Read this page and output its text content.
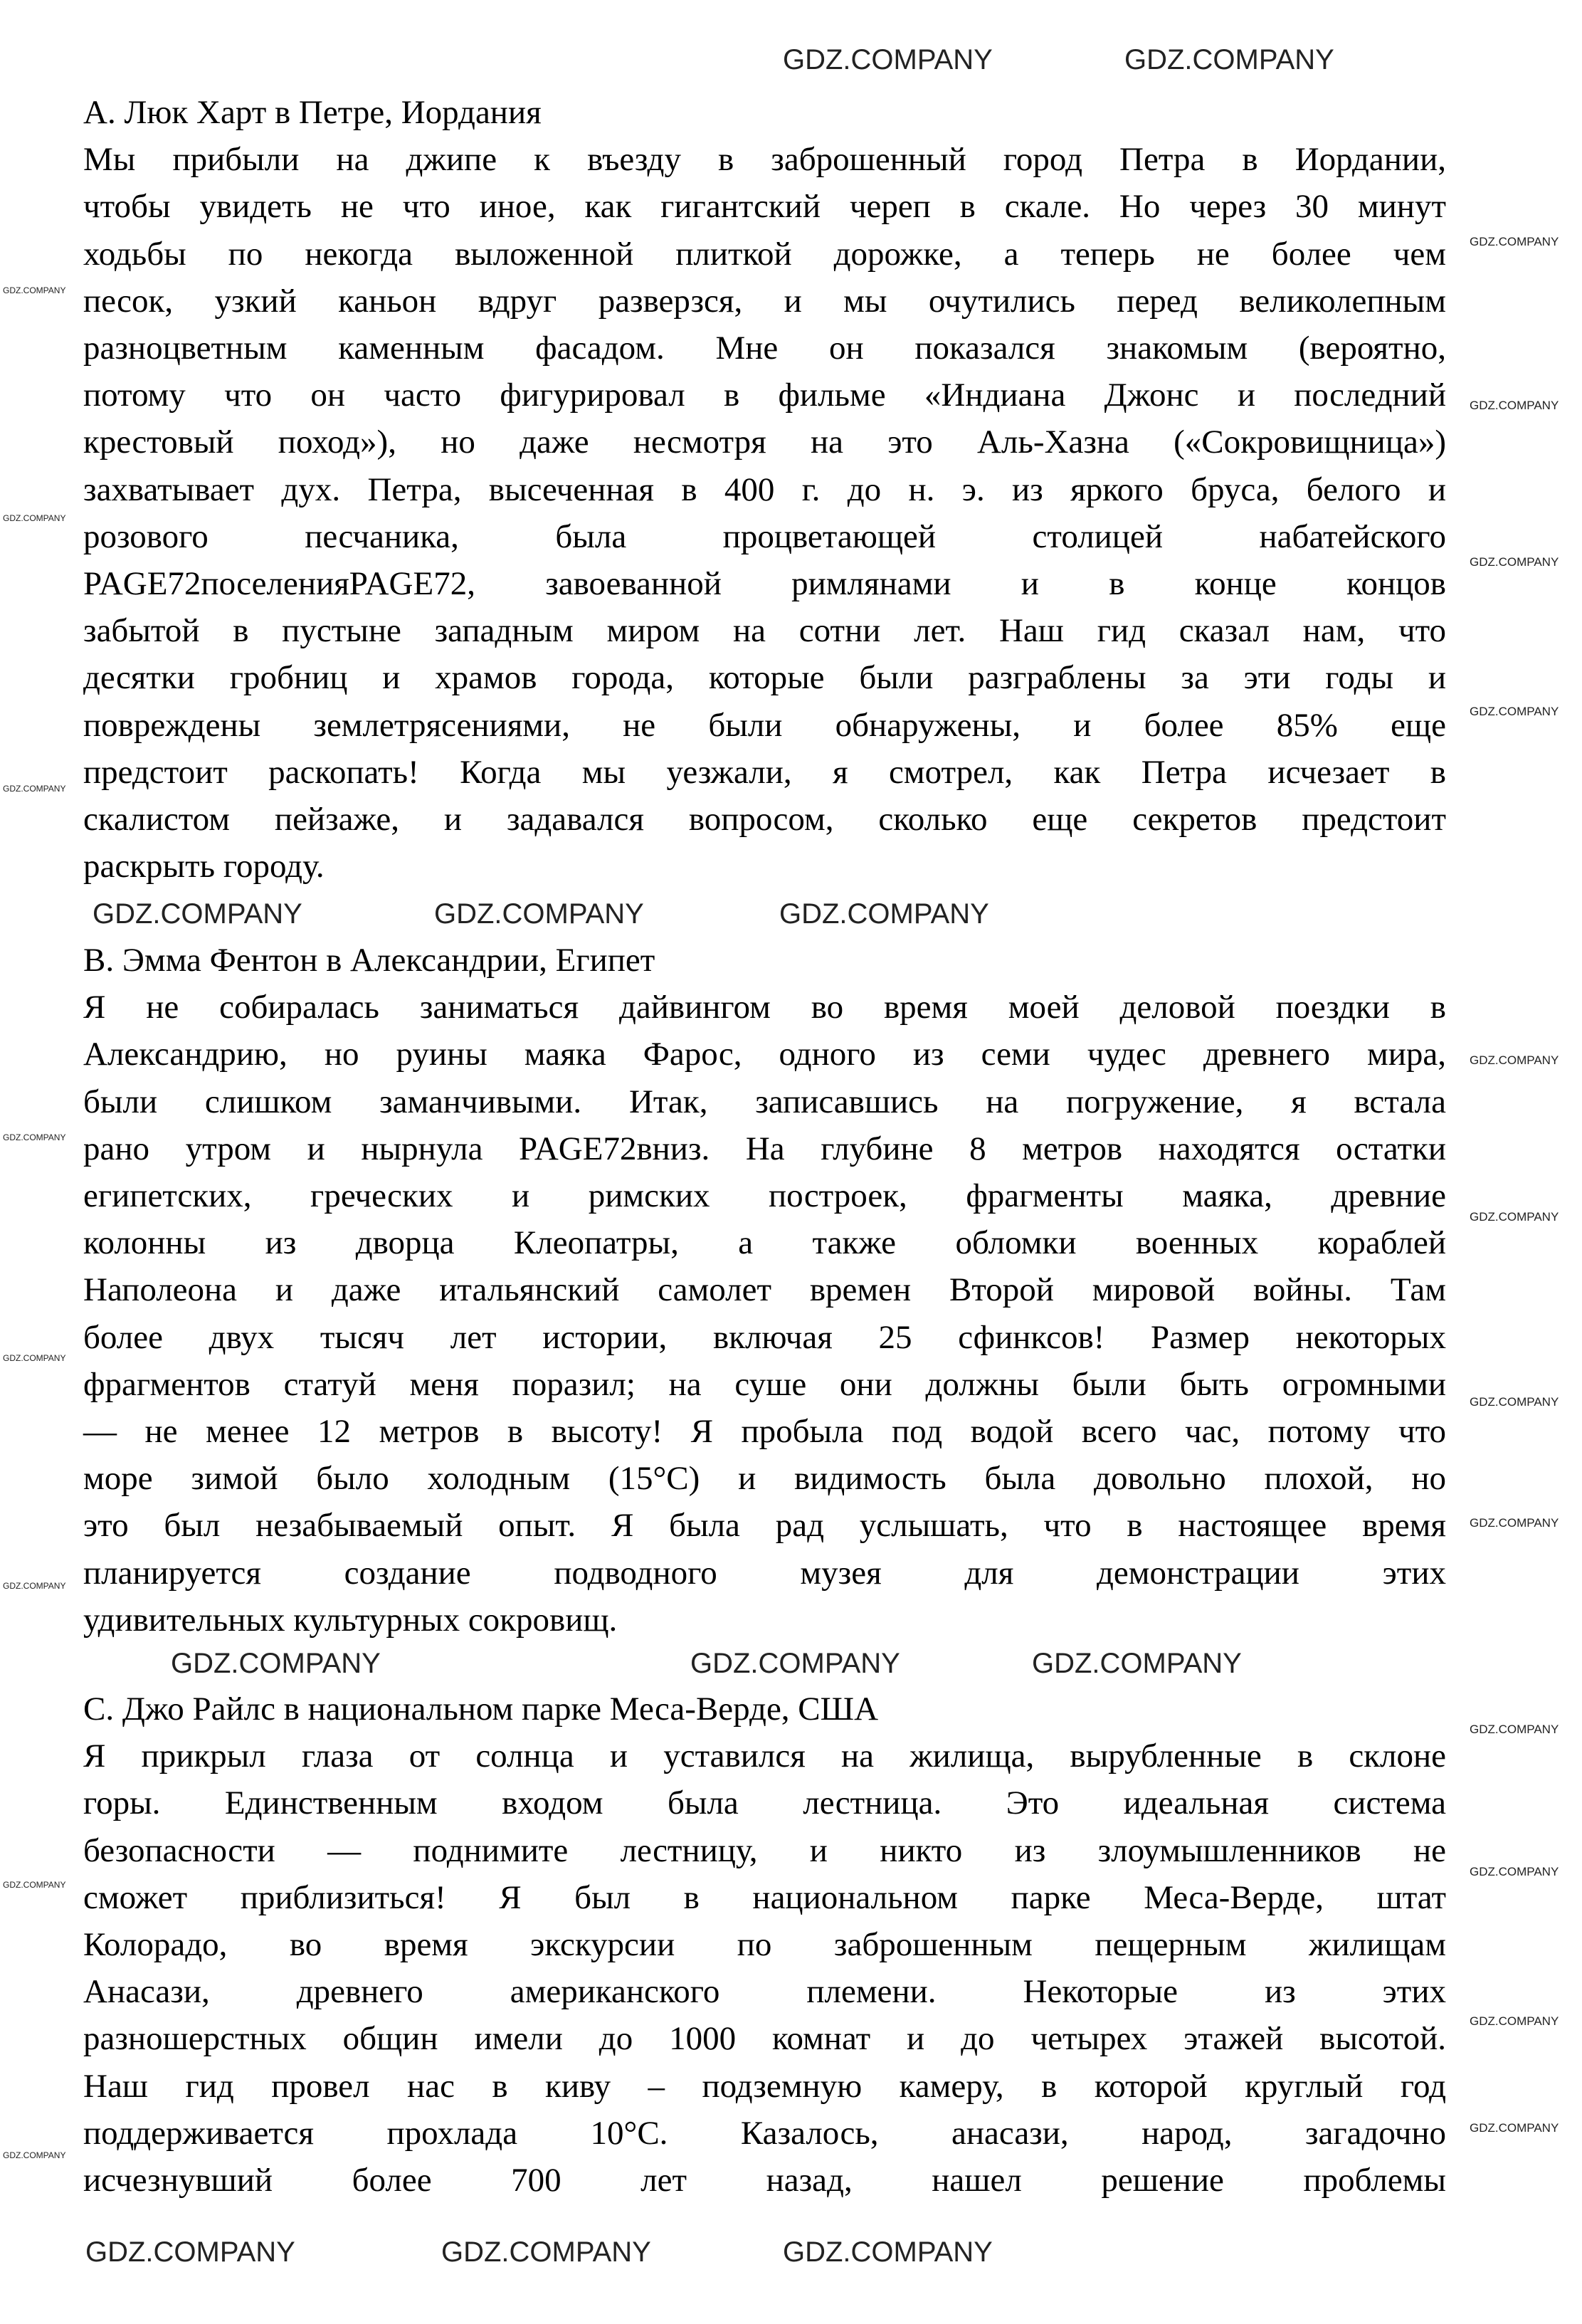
A. Люк Харт в Петре, Иордания
Мы прибыли на джипе к въезду в заброшенный город Петра в Иордании,
чтобы увидеть не что иное, как гигантский череп в скале. Но через 30 минут
ходьбы по некогда выложенной плиткой дорожке, а теперь не более чем
песок, узкий каньон вдруг разверзся, и мы очутились перед великолепным
разноцветным каменным фасадом. Мне он показался знакомым (вероятно,
потому что он часто фигурировал в фильме «Индиана Джонс и последний
крестовый поход»), но даже несмотря на это Аль-Хазна («Сокровищница»)
захватывает дух. Петра, высеченная в 400 г. до н. э. из яркого бруса, белого и
розового песчаника, была процветающей столицей набатейского
PAGE72поселенияPAGE72, завоеванной римлянами и в конце концов
забытой в пустыне западным миром на сотни лет. Наш гид сказал нам, что
десятки гробниц и храмов города, которые были разграблены за эти годы и
повреждены землетрясениями, не были обнаружены, и более 85% еще
предстоит раскопать! Когда мы уезжали, я смотрел, как Петра исчезает в
скалистом пейзаже, и задавался вопросом, сколько еще секретов предстоит
раскрыть городу.
B. Эмма Фентон в Александрии, Египет
Я не собиралась заниматься дайвингом во время моей деловой поездки в
Александрию, но руины маяка Фарос, одного из семи чудес древнего мира,
были слишком заманчивыми. Итак, записавшись на погружение, я встала
рано утром и нырнула PAGE72вниз. На глубине 8 метров находятся остатки
египетских, греческих и римских построек, фрагменты маяка, древние
колонны из дворца Клеопатры, а также обломки военных кораблей
Наполеона и даже итальянский самолет времен Второй мировой войны. Там
более двух тысяч лет истории, включая 25 сфинксов! Размер некоторых
фрагментов статуй меня поразил; на суше они должны были быть огромными
— не менее 12 метров в высоту! Я пробыла под водой всего час, потому что
море зимой было холодным (15°C) и видимость была довольно плохой, но
это был незабываемый опыт. Я была рад услышать, что в настоящее время
планируется создание подводного музея для демонстрации этих
удивительных культурных сокровищ.
C. Джо Райлс в национальном парке Меса-Верде, США
Я прикрыл глаза от солнца и уставился на жилища, вырубленные в склоне
горы. Единственным входом была лестница. Это идеальная система
безопасности — поднимите лестницу, и никто из злоумышленников не
сможет приблизиться! Я был в национальном парке Меса-Верде, штат
Колорадо, во время экскурсии по заброшенным пещерным жилищам
Анасази, древнего американского племени. Некоторые из этих
разношерстных общин имели до 1000 комнат и до четырех этажей высотой.
Наш гид провел нас в киву – подземную камеру, в которой круглый год
поддерживается прохлада 10°C. Казалось, анасази, народ, загадочно
исчезнувший более 700 лет назад, нашел решение проблемы
GDZ.COMPANY	GDZ.COMPANY
GDZ.COMPANY	GDZ.COMPANY	GDZ.COMPANY
GDZ.COMPANY	GDZ.COMPANY	GDZ.COMPANY
GDZ.COMPANY	GDZ.COMPANY	GDZ.COMPANY
GDZ.COMPANY
GDZ.COMPANY
GDZ.COMPANY
GDZ.COMPANY
GDZ.COMPANY
GDZ.COMPANY
GDZ.COMPANY
GDZ.COMPANY
GDZ.COMPANY
GDZ.COMPANY
GDZ.COMPANY
GDZ.COMPANY
GDZ.COMPANY
GDZ.COMPANY
GDZ.COMPANY
GDZ.COMPANY
GDZ.COMPANY
GDZ.COMPANY
GDZ.COMPANY
GDZ.COMPANY
